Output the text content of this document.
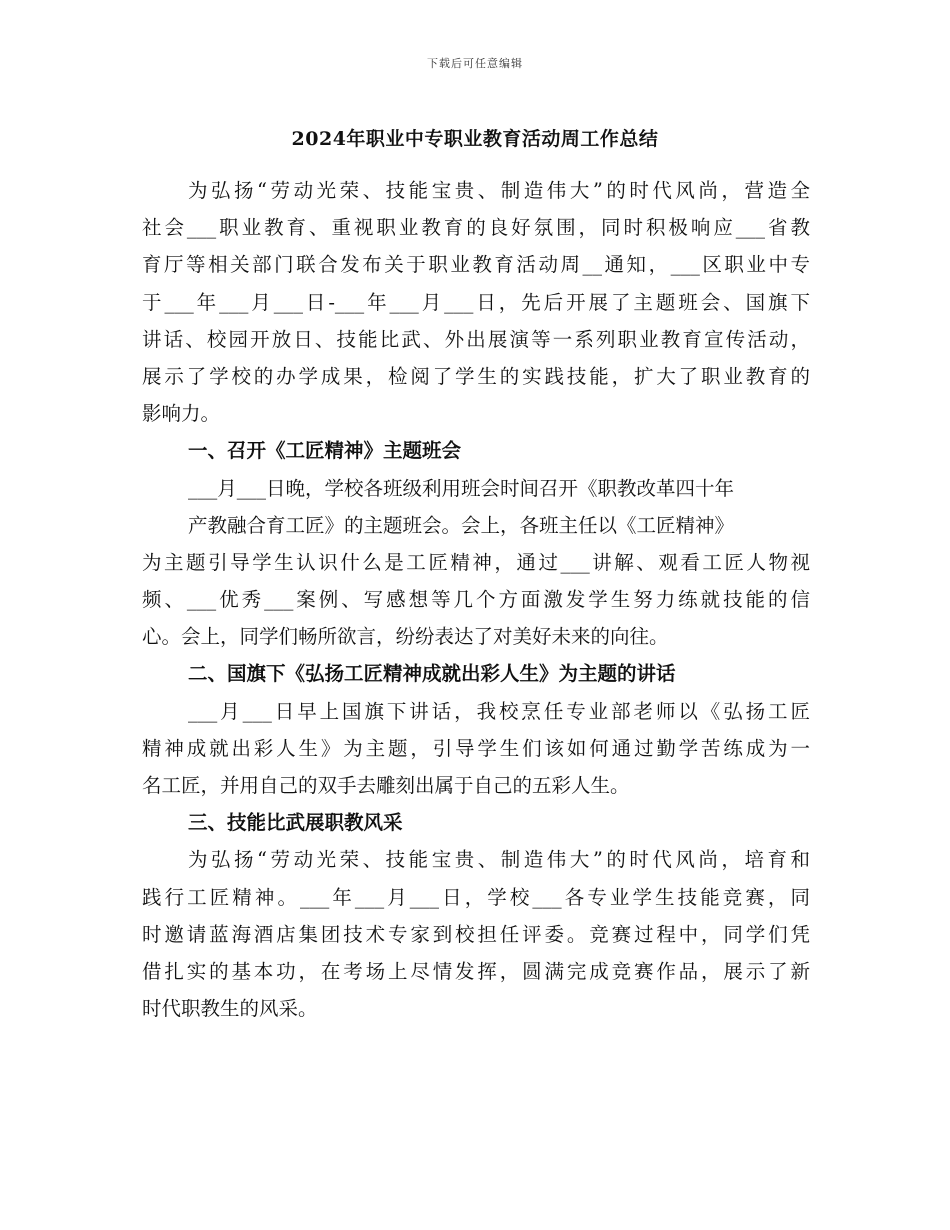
下载后可任意编辑
2024年职业中专职业教育活动周工作总结
为弘扬“劳动光荣、技能宝贵、制造伟大”的时代风尚，营造全
社会___职业教育、重视职业教育的良好氛围，同时积极响应___省教
育厅等相关部门联合发布关于职业教育活动周__通知，___区职业中专
于___年___月___日-___年___月___日，先后开展了主题班会、国旗下
讲话、校园开放日、技能比武、外出展演等一系列职业教育宣传活动，
展示了学校的办学成果，检阅了学生的实践技能，扩大了职业教育的
影响力。
一、召开《工匠精神》主题班会
___月___日晚，学校各班级利用班会时间召开《职教改革四十年
产教融合育工匠》的主题班会。会上，各班主任以《工匠精神》
为主题引导学生认识什么是工匠精神，通过___讲解、观看工匠人物视
频、___优秀___案例、写感想等几个方面激发学生努力练就技能的信
心。会上，同学们畅所欲言，纷纷表达了对美好未来的向往。
二、国旗下《弘扬工匠精神成就出彩人生》为主题的讲话
___月___日早上国旗下讲话，我校烹任专业部老师以《弘扬工匠
精神成就出彩人生》为主题，引导学生们该如何通过勤学苦练成为一
名工匠，并用自己的双手去雕刻出属于自己的五彩人生。
三、技能比武展职教风采
为弘扬“劳动光荣、技能宝贵、制造伟大”的时代风尚，培育和
践行工匠精神。___年___月___日，学校___各专业学生技能竞赛，同
时邀请蓝海酒店集团技术专家到校担任评委。竞赛过程中，同学们凭
借扎实的基本功，在考场上尽情发挥，圆满完成竞赛作品，展示了新
时代职教生的风采。
